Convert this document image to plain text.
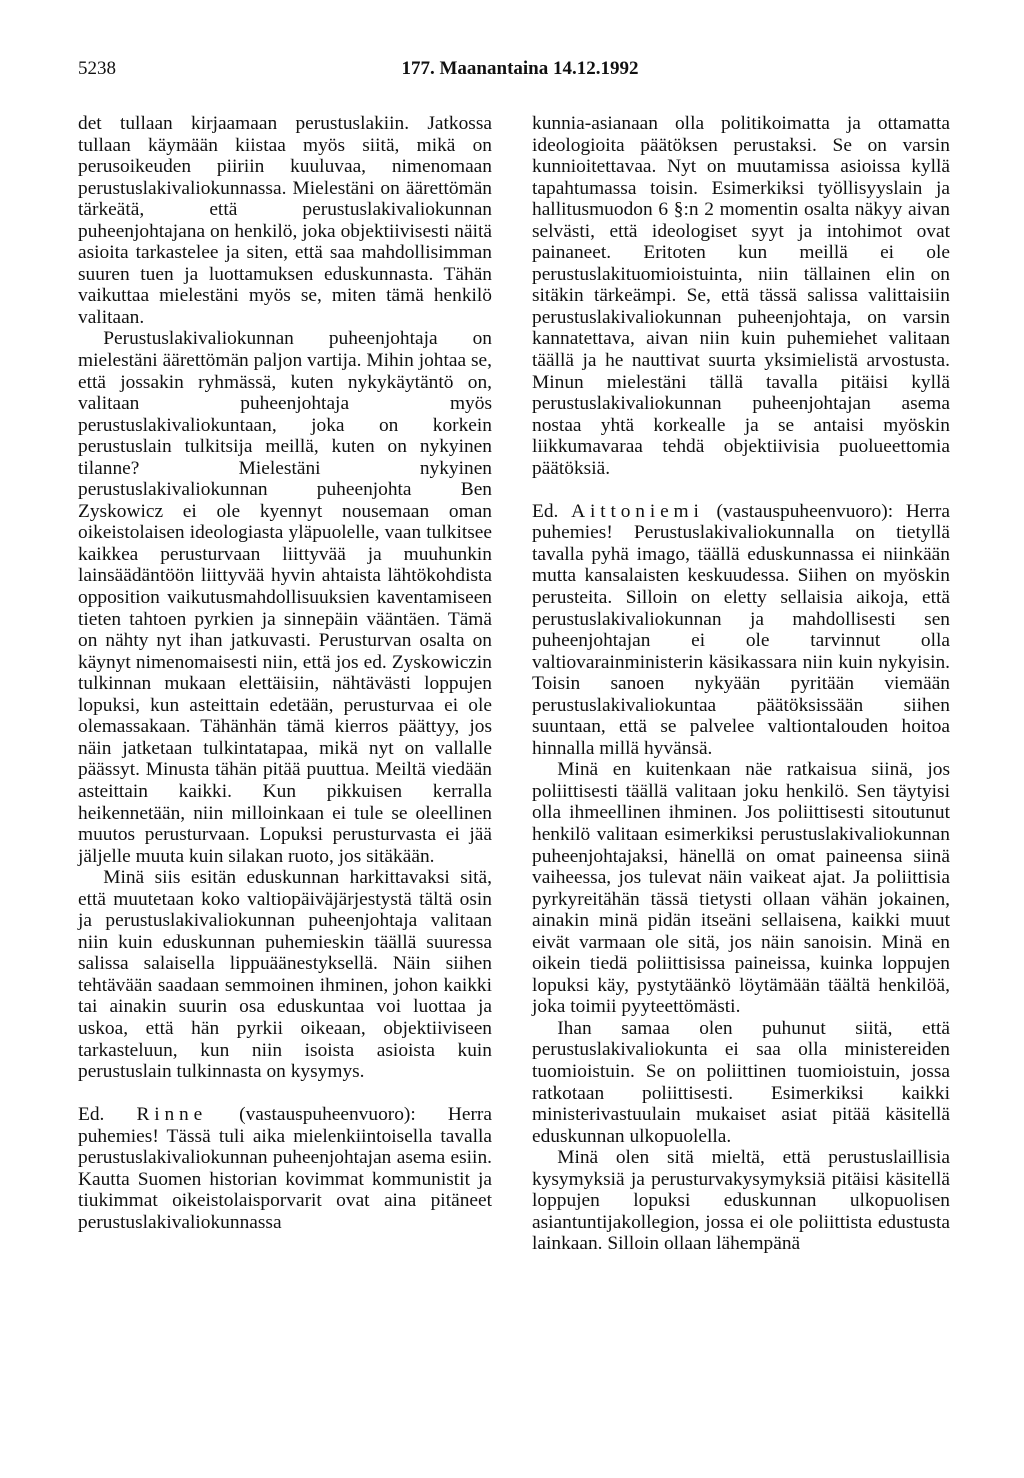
5238	177. Maanantaina 14.12.1992

det tullaan kirjaamaan perustuslakiin. Jatkossa tullaan käymään kiistaa myös siitä, mikä on perusoikeuden piiriin kuuluvaa, nimenomaan perustuslakivaliokunnassa. Mielestäni on äärettömän tärkeätä, että perustuslakivaliokunnan puheenjohtajana on henkilö, joka objektiivisesti näitä asioita tarkastelee ja siten, että saa mahdollisimman suuren tuen ja luottamuksen eduskunnasta. Tähän vaikuttaa mielestäni myös se, miten tämä henkilö valitaan.

Perustuslakivaliokunnan puheenjohtaja on mielestäni äärettömän paljon vartija. Mihin johtaa se, että jossakin ryhmässä, kuten nykykäytäntö on, valitaan puheenjohtaja myös perustuslakivaliokuntaan, joka on korkein perustuslain tulkitsija meillä, kuten on nykyinen tilanne? Mielestäni nykyinen perustuslakivaliokunnan puheenjohta Ben Zyskowicz ei ole kyennyt nousemaan oman oikeistolaisen ideologiasta yläpuolelle, vaan tulkitsee kaikkea perusturvaan liittyvää ja muuhunkin lainsäädäntöön liittyvää hyvin ahtaista lähtökohdista opposition vaikutusmahdollisuuksien kaventamiseen tieten tahtoen pyrkien ja sinnepäin vääntäen. Tämä on nähty nyt ihan jatkuvasti. Perusturvan osalta on käynyt nimenomaisesti niin, että jos ed. Zyskowiczin tulkinnan mukaan elettäisiin, nähtävästi loppujen lopuksi, kun asteittain edetään, perusturvaa ei ole olemassakaan. Tähänhän tämä kierros päättyy, jos näin jatketaan tulkintatapaa, mikä nyt on vallalle päässyt. Minusta tähän pitää puuttua. Meiltä viedään asteittain kaikki. Kun pikkuisen kerralla heikennetään, niin milloinkaan ei tule se oleellinen muutos perusturvaan. Lopuksi perusturvasta ei jää jäljelle muuta kuin silakan ruoto, jos sitäkään.

Minä siis esitän eduskunnan harkittavaksi sitä, että muutetaan koko valtiopäiväjärjestystä tältä osin ja perustuslakivaliokunnan puheenjohtaja valitaan niin kuin eduskunnan puhemieskin täällä suuressa salissa salaisella lippuäänestyksellä. Näin siihen tehtävään saadaan semmoinen ihminen, johon kaikki tai ainakin suurin osa eduskuntaa voi luottaa ja uskoa, että hän pyrkii oikeaan, objektiiviseen tarkasteluun, kun niin isoista asioista kuin perustuslain tulkinnasta on kysymys.

Ed. Rinne (vastauspuheenvuoro): Herra puhemies! Tässä tuli aika mielenkiintoisella tavalla perustuslakivaliokunnan puheenjohtajan asema esiin. Kautta Suomen historian kovimmat kommunistit ja tiukimmat oikeistolaisporvarit ovat aina pitäneet perustuslakivaliokunnassa

kunnia-asianaan olla politikoimatta ja ottamatta ideologioita päätöksen perustaksi. Se on varsin kunnioitettavaa. Nyt on muutamissa asioissa kyllä tapahtumassa toisin. Esimerkiksi työllisyyslain ja hallitusmuodon 6 §:n 2 momentin osalta näkyy aivan selvästi, että ideologiset syyt ja intohimot ovat painaneet. Eritoten kun meillä ei ole perustuslakituomioistuinta, niin tällainen elin on sitäkin tärkeämpi. Se, että tässä salissa valittaisiin perustuslakivaliokunnan puheenjohtaja, on varsin kannatettava, aivan niin kuin puhemiehet valitaan täällä ja he nauttivat suurta yksimielistä arvostusta. Minun mielestäni tällä tavalla pitäisi kyllä perustuslakivaliokunnan puheenjohtajan asema nostaa yhtä korkealle ja se antaisi myöskin liikkumavaraa tehdä objektiivisia puolueettomia päätöksiä.

Ed. Aittoniemi (vastauspuheenvuoro): Herra puhemies! Perustuslakivaliokunnalla on tietyllä tavalla pyhä imago, täällä eduskunnassa ei niinkään mutta kansalaisten keskuudessa. Siihen on myöskin perusteita. Silloin on eletty sellaisia aikoja, että perustuslakivaliokunnan ja mahdollisesti sen puheenjohtajan ei ole tarvinnut olla valtiovarainministerin käsikassara niin kuin nykyisin. Toisin sanoen nykyään pyritään viemään perustuslakivaliokuntaa päätöksissään siihen suuntaan, että se palvelee valtiontalouden hoitoa hinnalla millä hyvänsä.

Minä en kuitenkaan näe ratkaisua siinä, jos poliittisesti täällä valitaan joku henkilö. Sen täytyisi olla ihmeellinen ihminen. Jos poliittisesti sitoutunut henkilö valitaan esimerkiksi perustuslakivaliokunnan puheenjohtajaksi, hänellä on omat paineensa siinä vaiheessa, jos tulevat näin vaikeat ajat. Ja poliittisia pyrkyreitähän tässä tietysti ollaan vähän jokainen, ainakin minä pidän itseäni sellaisena, kaikki muut eivät varmaan ole sitä, jos näin sanoisin. Minä en oikein tiedä poliittisissa paineissa, kuinka loppujen lopuksi käy, pystytäänkö löytämään täältä henkilöä, joka toimii pyyteettömästi.

Ihan samaa olen puhunut siitä, että perustuslakivaliokunta ei saa olla ministereiden tuomioistuin. Se on poliittinen tuomioistuin, jossa ratkotaan poliittisesti. Esimerkiksi kaikki ministerivastuulain mukaiset asiat pitää käsitellä eduskunnan ulkopuolella.

Minä olen sitä mieltä, että perustuslaillisia kysymyksiä ja perusturvakysymyksiä pitäisi käsitellä loppujen lopuksi eduskunnan ulkopuolisen asiantuntijakollegion, jossa ei ole poliittista edustusta lainkaan. Silloin ollaan lähempänä
